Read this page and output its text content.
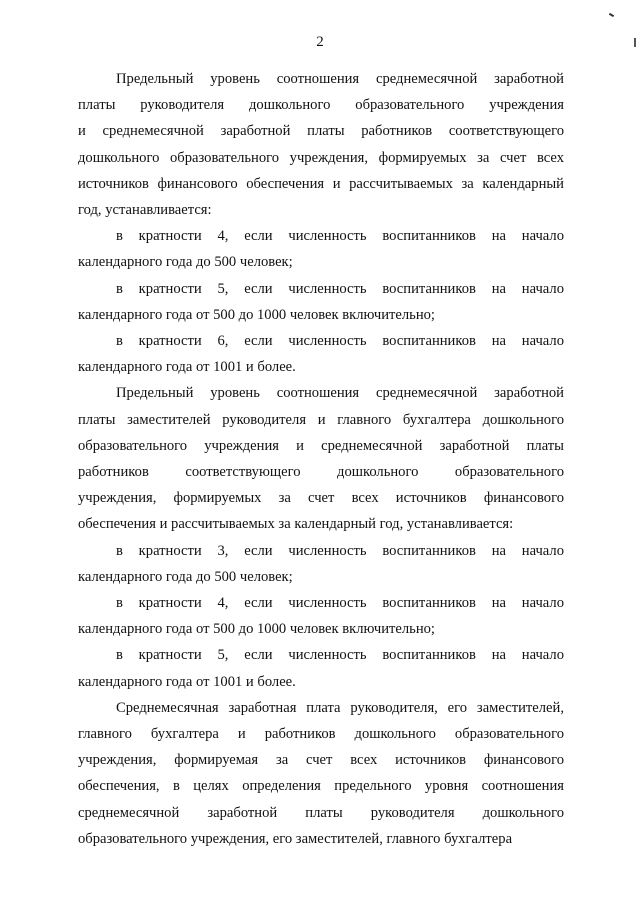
2
Предельный уровень соотношения среднемесячной заработной
платы руководителя дошкольного образовательного учреждения
и среднемесячной заработной платы работников соответствующего
дошкольного образовательного учреждения, формируемых за счет всех
источников финансового обеспечения и рассчитываемых за календарный
год, устанавливается:
в кратности 4, если численность воспитанников на начало
календарного года до 500 человек;
в кратности 5, если численность воспитанников на начало
календарного года от 500 до 1000 человек включительно;
в кратности 6, если численность воспитанников на начало
календарного года от 1001 и более.
Предельный уровень соотношения среднемесячной заработной
платы заместителей руководителя и главного бухгалтера дошкольного
образовательного учреждения и среднемесячной заработной платы
работников соответствующего дошкольного образовательного
учреждения, формируемых за счет всех источников финансового
обеспечения и рассчитываемых за календарный год, устанавливается:
в кратности 3, если численность воспитанников на начало
календарного года до 500 человек;
в кратности 4, если численность воспитанников на начало
календарного года от 500 до 1000 человек включительно;
в кратности 5, если численность воспитанников на начало
календарного года от 1001 и более.
Среднемесячная заработная плата руководителя, его заместителей,
главного бухгалтера и работников дошкольного образовательного
учреждения, формируемая за счет всех источников финансового
обеспечения, в целях определения предельного уровня соотношения
среднемесячной заработной платы руководителя дошкольного
образовательного учреждения, его заместителей, главного бухгалтера
